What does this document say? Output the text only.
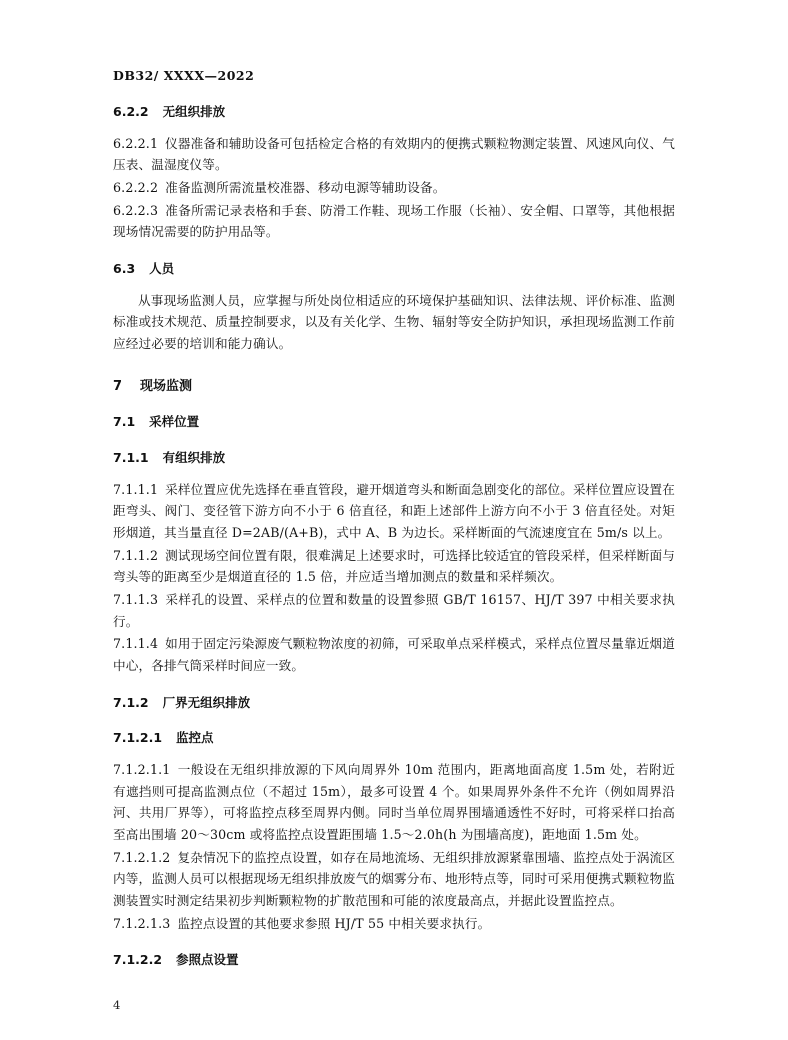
DB32/ XXXX—2022
6.2.2 无组织排放

6.2.2.1 仪器准备和辅助设备可包括检定合格的有效期内的便携式颗粒物测定装置、风速风向仪、气压表、温湿度仪等。

6.2.2.2 准备监测所需流量校准器、移动电源等辅助设备。

6.2.2.3 准备所需记录表格和手套、防滑工作鞋、现场工作服（长袖）、安全帽、口罩等，其他根据现场情况需要的防护用品等。

6.3 人员

从事现场监测人员，应掌握与所处岗位相适应的环境保护基础知识、法律法规、评价标准、监测标准或技术规范、质量控制要求，以及有关化学、生物、辐射等安全防护知识，承担现场监测工作前应经过必要的培训和能力确认。

7 现场监测
7.1 采样位置
7.1.1 有组织排放

7.1.1.1 采样位置应优先选择在垂直管段，避开烟道弯头和断面急剧变化的部位。采样位置应设置在距弯头、阀门、变径管下游方向不小于 6 倍直径，和距上述部件上游方向不小于 3 倍直径处。对矩形烟道，其当量直径 D=2AB/(A+B)，式中 A、B 为边长。采样断面的气流速度宜在 5m/s 以上。

7.1.1.2 测试现场空间位置有限，很难满足上述要求时，可选择比较适宜的管段采样，但采样断面与弯头等的距离至少是烟道直径的 1.5 倍，并应适当增加测点的数量和采样频次。

7.1.1.3 采样孔的设置、采样点的位置和数量的设置参照 GB/T 16157、HJ/T 397 中相关要求执行。

7.1.1.4 如用于固定污染源废气颗粒物浓度的初筛，可采取单点采样模式，采样点位置尽量靠近烟道中心，各排气筒采样时间应一致。

7.1.2 厂界无组织排放
7.1.2.1 监控点

7.1.2.1.1 一般设在无组织排放源的下风向周界外 10m 范围内，距离地面高度 1.5m 处，若附近有遮挡则可提高监测点位（不超过 15m），最多可设置 4 个。如果周界外条件不允许（例如周界沿河、共用厂界等），可将监控点移至周界内侧。同时当单位周界围墙通透性不好时，可将采样口抬高至高出围墙 20～30cm 或将监控点设置距围墙 1.5～2.0h(h 为围墙高度)，距地面 1.5m 处。

7.1.2.1.2 复杂情况下的监控点设置，如存在局地流场、无组织排放源紧靠围墙、监控点处于涡流区内等，监测人员可以根据现场无组织排放废气的烟雾分布、地形特点等，同时可采用便携式颗粒物监测装置实时测定结果初步判断颗粒物的扩散范围和可能的浓度最高点，并据此设置监控点。

7.1.2.1.3 监控点设置的其他要求参照 HJ/T 55 中相关要求执行。

7.1.2.2 参照点设置
4
